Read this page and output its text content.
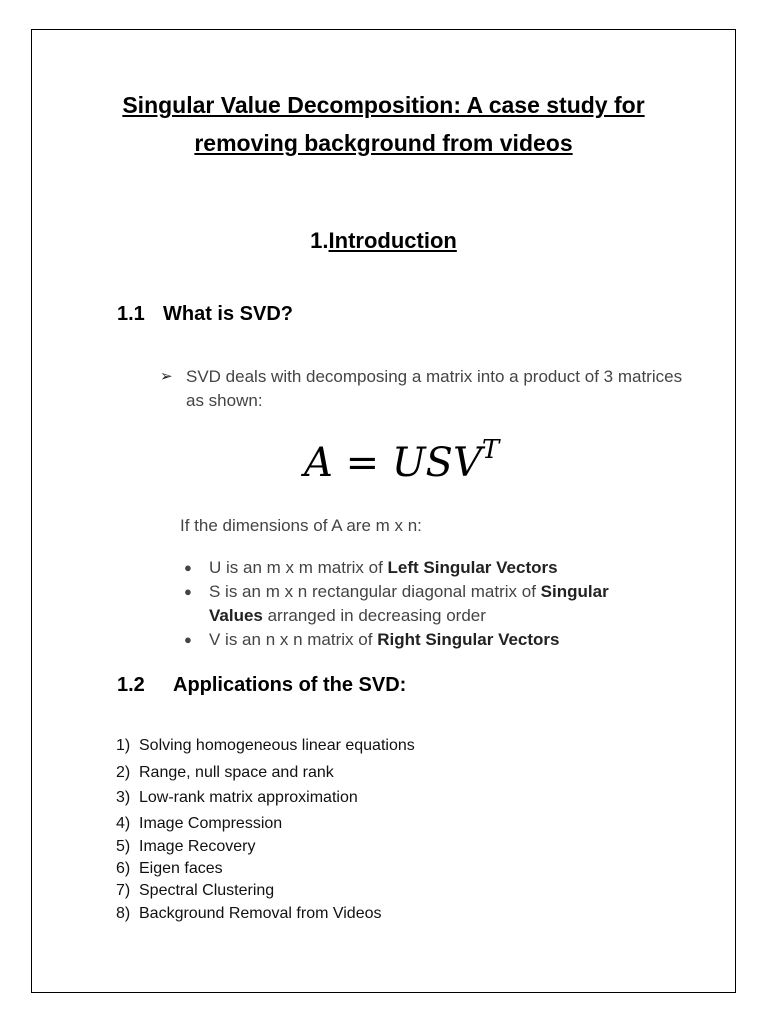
Singular Value Decomposition: A case study for
removing background from videos
1.Introduction
1.1 What is SVD?
➢ SVD deals with decomposing a matrix into a product of 3 matrices as shown:
$A = USV^T$
If the dimensions of A are m x n:
● U is an m x m matrix of Left Singular Vectors
● S is an m x n rectangular diagonal matrix of Singular Values arranged in decreasing order
● V is an n x n matrix of Right Singular Vectors
1.2 Applications of the SVD:
1) Solving homogeneous linear equations
2) Range, null space and rank
3) Low-rank matrix approximation
4) Image Compression
5) Image Recovery
6) Eigen faces
7) Spectral Clustering
8) Background Removal from Videos
